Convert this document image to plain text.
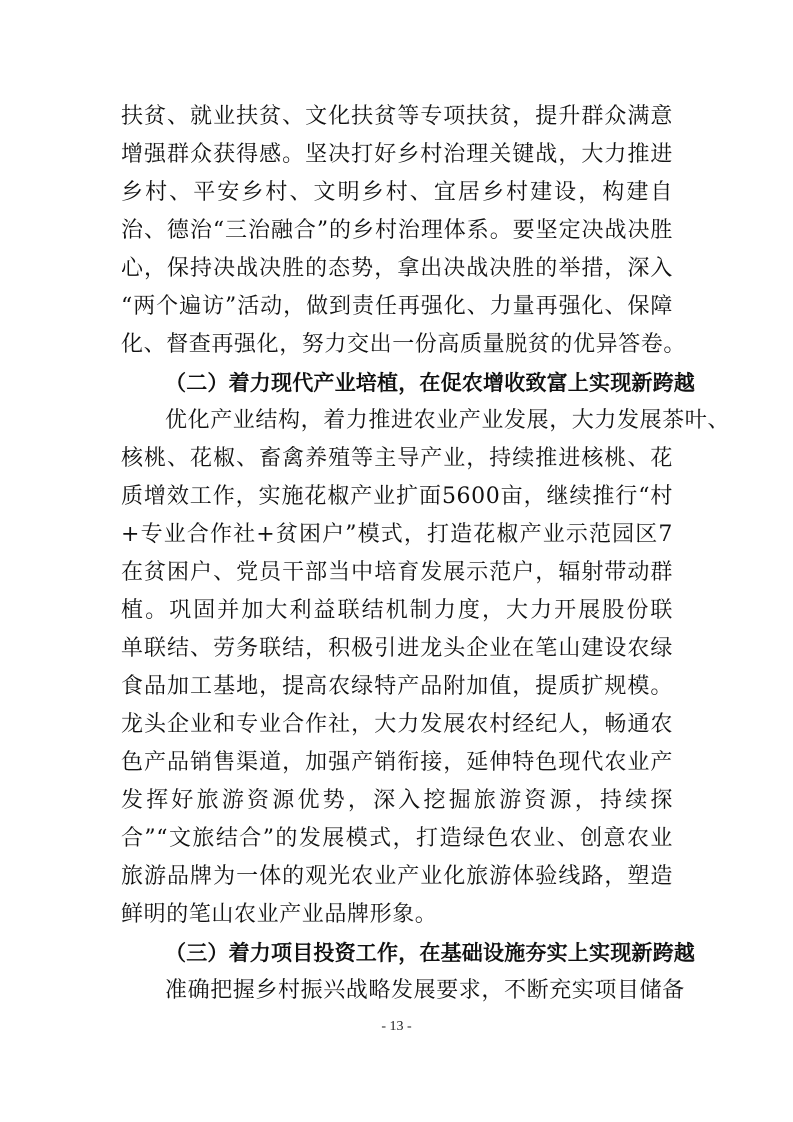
扶贫、就业扶贫、文化扶贫等专项扶贫，提升群众满意
增强群众获得感。坚决打好乡村治理关键战，大力推进
乡村、平安乡村、文明乡村、宜居乡村建设，构建自
治、德治“三治融合”的乡村治理体系。要坚定决战决胜
心，保持决战决胜的态势，拿出决战决胜的举措，深入
“两个遍访”活动，做到责任再强化、力量再强化、保障
化、督查再强化，努力交出一份高质量脱贫的优异答卷。
（二）着力现代产业培植，在促农增收致富上实现新跨越
优化产业结构，着力推进农业产业发展，大力发展茶叶、
核桃、花椒、畜禽养殖等主导产业，持续推进核桃、花
质增效工作，实施花椒产业扩面5600亩，继续推行“村
+专业合作社+贫困户”模式，打造花椒产业示范园区7
在贫困户、党员干部当中培育发展示范户，辐射带动群
植。巩固并加大利益联结机制力度，大力开展股份联
单联结、劳务联结，积极引进龙头企业在笔山建设农绿
食品加工基地，提高农绿特产品附加值，提质扩规模。
龙头企业和专业合作社，大力发展农村经纪人，畅通农
色产品销售渠道，加强产销衔接，延伸特色现代农业产
发挥好旅游资源优势，深入挖掘旅游资源，持续探
合”“文旅结合”的发展模式，打造绿色农业、创意农业
旅游品牌为一体的观光农业产业化旅游体验线路，塑造
鲜明的笔山农业产业品牌形象。
（三）着力项目投资工作，在基础设施夯实上实现新跨越
准确把握乡村振兴战略发展要求，不断充实项目储备
- 13 -
